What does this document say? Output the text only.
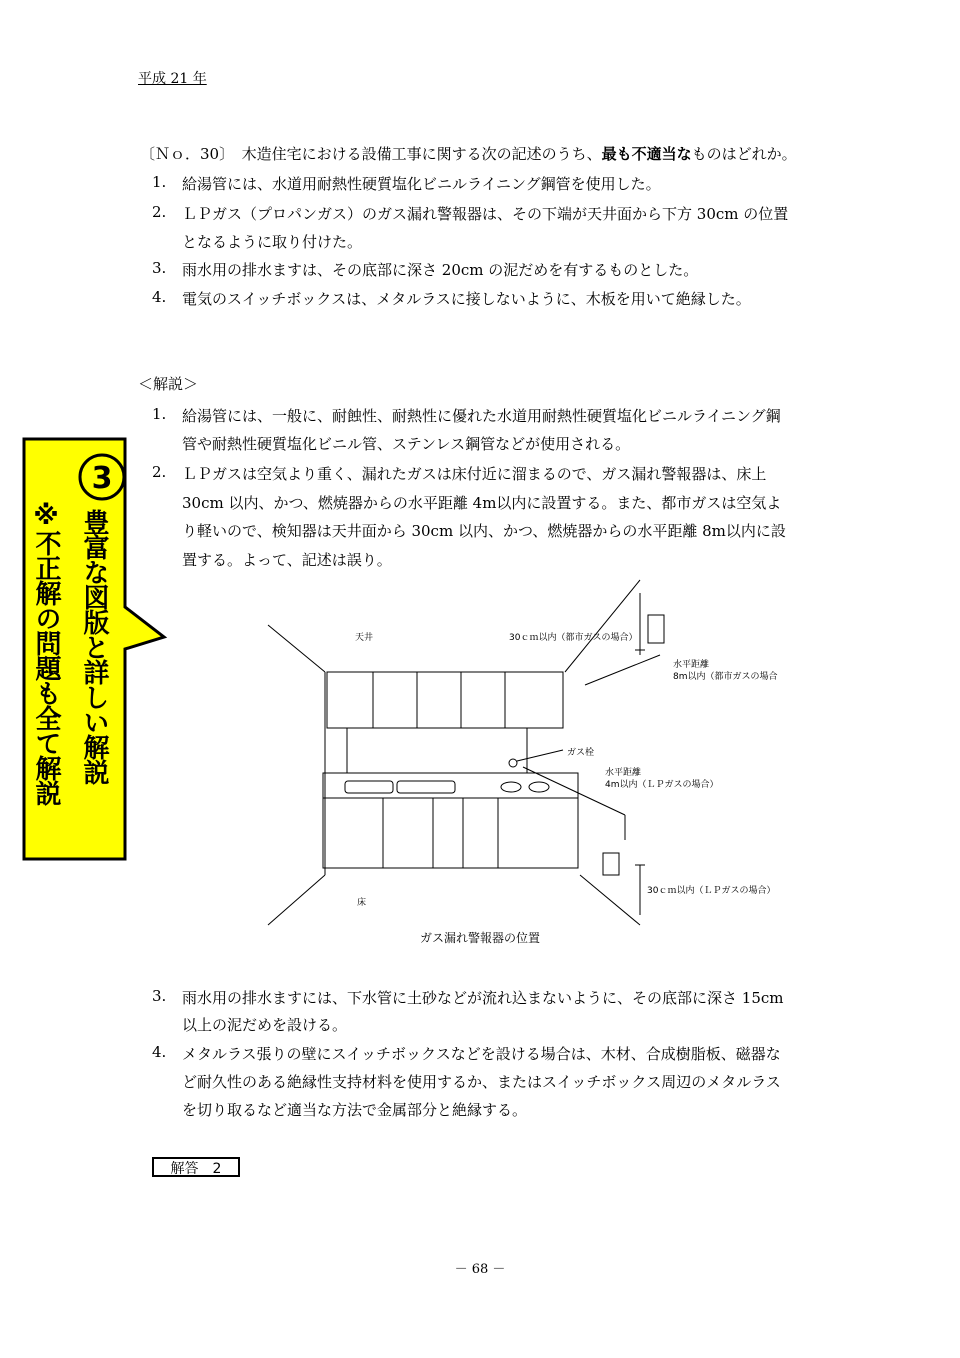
平成 21 年
〔Ｎｏ．30〕　木造住宅における設備工事に関する次の記述のうち、最も不適当なものはどれか。
1. 給湯管には、水道用耐熱性硬質塩化ビニルライニング鋼管を使用した。
2. ＬＰガス（プロパンガス）のガス漏れ警報器は、その下端が天井面から下方 30cm の位置
となるように取り付けた。
3. 雨水用の排水ますは、その底部に深さ 20cm の泥だめを有するものとした。
4. 電気のスイッチボックスは、メタルラスに接しないように、木板を用いて絶縁した。
＜解説＞
1. 給湯管には、一般に、耐蝕性、耐熱性に優れた水道用耐熱性硬質塩化ビニルライニング鋼
管や耐熱性硬質塩化ビニル管、ステンレス鋼管などが使用される。
2. ＬＰガスは空気より重く、漏れたガスは床付近に溜まるので、ガス漏れ警報器は、床上
30cm 以内、かつ、燃焼器からの水平距離 4m以内に設置する。また、都市ガスは空気よ
り軽いので、検知器は天井面から 30cm 以内、かつ、燃焼器からの水平距離 8m以内に設
置する。よって、記述は誤り。
3. 雨水用の排水ますには、下水管に土砂などが流れ込まないように、その底部に深さ 15cm
以上の泥だめを設ける。
4. メタルラス張りの壁にスイッチボックスなどを設ける場合は、木材、合成樹脂板、磁器な
ど耐久性のある絶縁性支持材料を使用するか、またはスイッチボックス周辺のメタルラス
を切り取るなど適当な方法で金属部分と絶縁する。
天井	30ｃｍ以内（都市ガスの場合）
水平距離
8m以内（都市ガスの場合
ガス栓
水平距離
4m以内（ＬＰガスの場合）
30ｃｍ以内（ＬＰガスの場合）
床
ガス漏れ警報器の位置
解答　2
－ 68 －
3
豊富な図版と詳しい解説
※不正解の問題も全て解説
